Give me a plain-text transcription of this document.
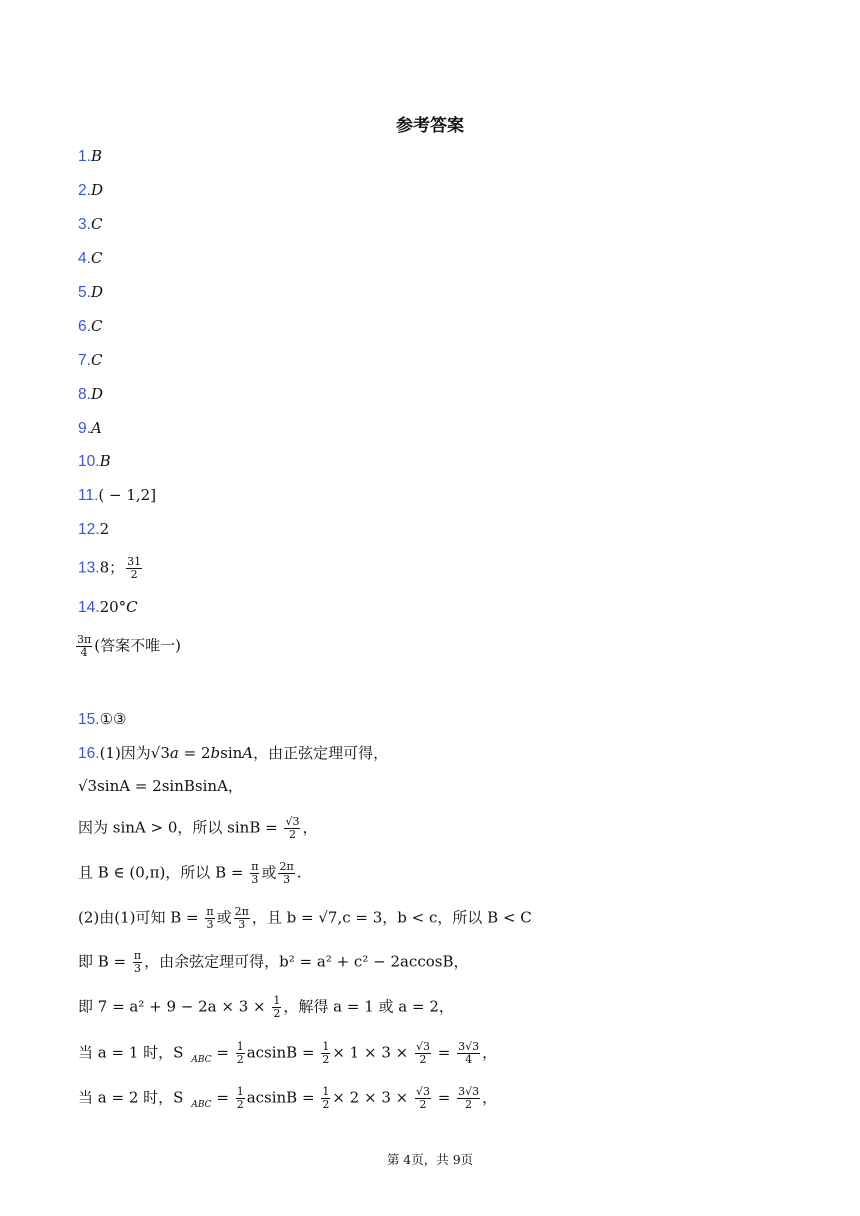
参考答案
1.B
2.D
3.C
4.C
5.D
6.C
7.C
8.D
9.A
10.B
11.( − 1,2]
12.2
13.8； $\frac{31}{2}$
14.20°C
$\frac{3\pi}{4}$ (答案不唯一)
15.①③
16.(1)因为√3a = 2bsinA，由正弦定理可得，
√3sinA = 2sinBsinA，
因为 sinA > 0，所以 $\sin B = \frac{√3}{2}$ ，
且 B ∈ (0,π)，所以 $B = \frac{\pi}{3}$ 或 $\frac{2\pi}{3}$ .
(2)由(1)可知 $B = \frac{\pi}{3}$ 或 $\frac{2\pi}{3}$ ，且 b = √7,c = 3，b < c，所以 B < C
即 $B = \frac{\pi}{3}$ ，由余弦定理可得，b² = a² + c² − 2accosB，
即 $7 = a^2 + 9 - 2a \times 3 \times \frac{1}{2}$ ，解得 a = 1 或 a = 2，
当 a = 1 时，S $_{ABC} = \frac{1}{2}$ $acsinB = \frac{1}{2} \times 1 \times 3 \times \frac{√3}{2} = \frac{3√3}{4}$ ，
当 a = 2 时，S $_{ABC} = \frac{1}{2}$ $acsinB = \frac{1}{2} \times 2 \times 3 \times \frac{√3}{2} = \frac{3√3}{2}$ ，
第 4页，共 9页
